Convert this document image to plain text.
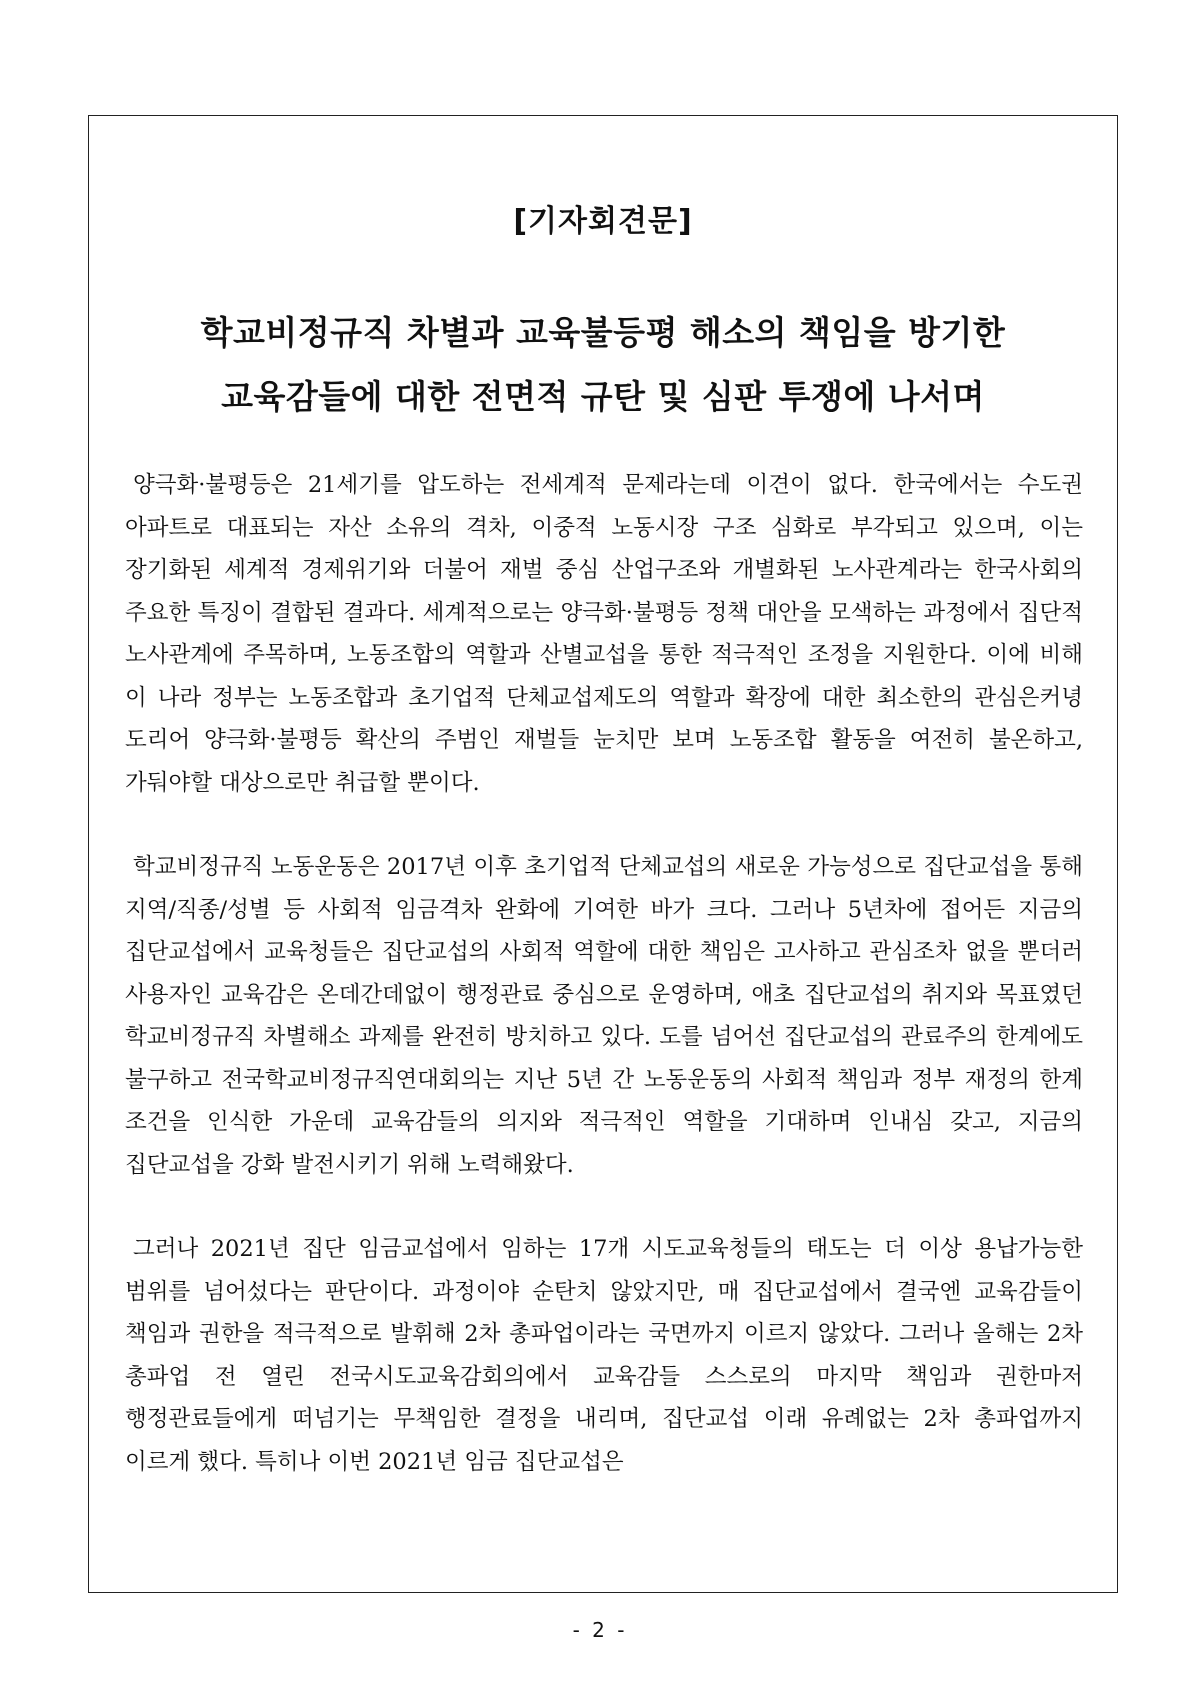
[기자회견문]
학교비정규직 차별과 교육불등평 해소의 책임을 방기한
교육감들에 대한 전면적 규탄 및 심판 투쟁에 나서며

양극화·불평등은 21세기를 압도하는 전세계적 문제라는데 이견이 없다. 한국에서는 수도권 아파트로 대표되는 자산 소유의 격차, 이중적 노동시장 구조 심화로 부각되고 있으며, 이는 장기화된 세계적 경제위기와 더불어 재벌 중심 산업구조와 개별화된 노사관계라는 한국사회의 주요한 특징이 결합된 결과다. 세계적으로는 양극화·불평등 정책 대안을 모색하는 과정에서 집단적 노사관계에 주목하며, 노동조합의 역할과 산별교섭을 통한 적극적인 조정을 지원한다. 이에 비해 이 나라 정부는 노동조합과 초기업적 단체교섭제도의 역할과 확장에 대한 최소한의 관심은커녕 도리어 양극화·불평등 확산의 주범인 재벌들 눈치만 보며 노동조합 활동을 여전히 불온하고, 가둬야할 대상으로만 취급할 뿐이다.

학교비정규직 노동운동은 2017년 이후 초기업적 단체교섭의 새로운 가능성으로 집단교섭을 통해 지역/직종/성별 등 사회적 임금격차 완화에 기여한 바가 크다. 그러나 5년차에 접어든 지금의 집단교섭에서 교육청들은 집단교섭의 사회적 역할에 대한 책임은 고사하고 관심조차 없을 뿐더러 사용자인 교육감은 온데간데없이 행정관료 중심으로 운영하며, 애초 집단교섭의 취지와 목표였던 학교비정규직 차별해소 과제를 완전히 방치하고 있다. 도를 넘어선 집단교섭의 관료주의 한계에도 불구하고 전국학교비정규직연대회의는 지난 5년 간 노동운동의 사회적 책임과 정부 재정의 한계 조건을 인식한 가운데 교육감들의 의지와 적극적인 역할을 기대하며 인내심 갖고, 지금의 집단교섭을 강화 발전시키기 위해 노력해왔다.

그러나 2021년 집단 임금교섭에서 임하는 17개 시도교육청들의 태도는 더 이상 용납가능한 범위를 넘어섰다는 판단이다. 과정이야 순탄치 않았지만, 매 집단교섭에서 결국엔 교육감들이 책임과 권한을 적극적으로 발휘해 2차 총파업이라는 국면까지 이르지 않았다. 그러나 올해는 2차 총파업 전 열린 전국시도교육감회의에서 교육감들 스스로의 마지막 책임과 권한마저 행정관료들에게 떠넘기는 무책임한 결정을 내리며, 집단교섭 이래 유례없는 2차 총파업까지 이르게 했다. 특히나 이번 2021년 임금 집단교섭은

- 2 -
